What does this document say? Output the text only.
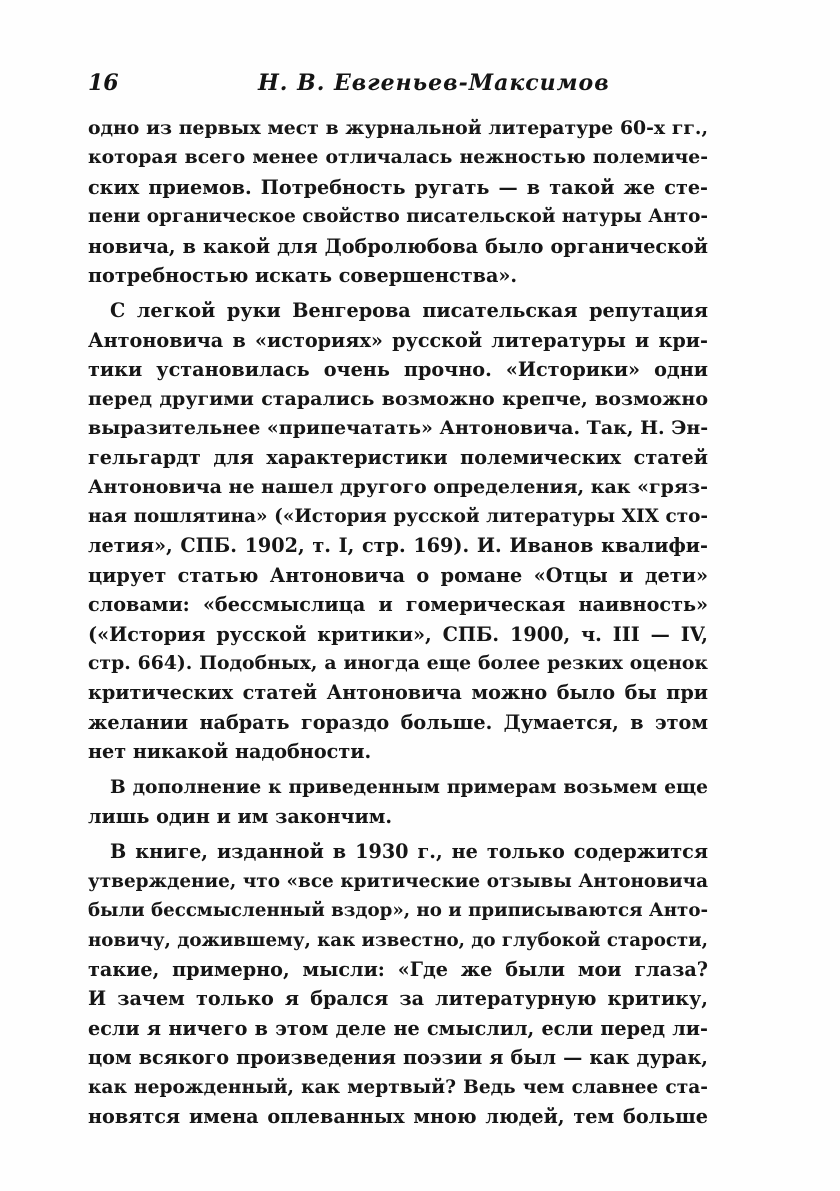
16	Н. В. Евгеньев-Максимов
одно из первых мест в журнальной литературе 60-х гг.,
которая всего менее отличалась нежностью полемиче-
ских приемов. Потребность ругать — в такой же сте-
пени органическое свойство писательской натуры Анто-
новича, в какой для Добролюбова было органической
потребностью искать совершенства».
С легкой руки Венгерова писательская репутация
Антоновича в «историях» русской литературы и кри-
тики установилась очень прочно. «Историки» одни
перед другими старались возможно крепче, возможно
выразительнее «припечатать» Антоновича. Так, Н. Эн-
гельгардт для характеристики полемических статей
Антоновича не нашел другого определения, как «гряз-
ная пошлятина» («История русской литературы XIX сто-
летия», СПБ. 1902, т. I, стр. 169). И. Иванов квалифи-
цирует статью Антоновича о романе «Отцы и дети»
словами: «бессмыслица и гомерическая наивность»
(«История русской критики», СПБ. 1900, ч. III — IV,
стр. 664). Подобных, а иногда еще более резких оценок
критических статей Антоновича можно было бы при
желании набрать гораздо больше. Думается, в этом
нет никакой надобности.
В дополнение к приведенным примерам возьмем еще
лишь один и им закончим.
В книге, изданной в 1930 г., не только содержится
утверждение, что «все критические отзывы Антоновича
были бессмысленный вздор», но и приписываются Анто-
новичу, дожившему, как известно, до глубокой старости,
такие, примерно, мысли: «Где же были мои глаза?
И зачем только я брался за литературную критику,
если я ничего в этом деле не смыслил, если перед ли-
цом всякого произведения поэзии я был — как дурак,
как нерожденный, как мертвый? Ведь чем славнее ста-
новятся имена оплеванных мною людей, тем больше
